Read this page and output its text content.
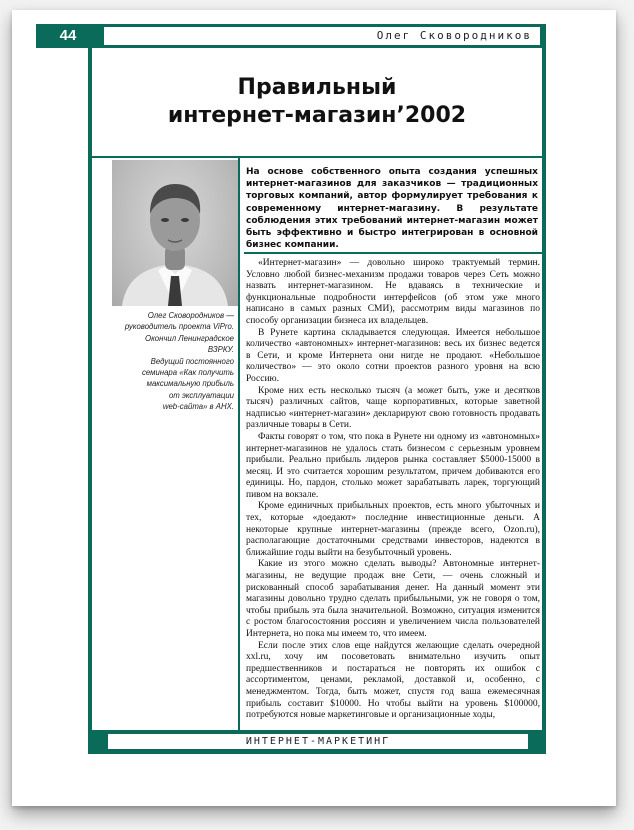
44	Олег Сковородников
Правильный
интернет-магазин’2002
Олег Сковородников —
руководитель проекта ViPro.
Окончил Ленинградское
ВЗРКУ.
Ведущий постоянного
семинара «Как получить
максимальную прибыль
от эксплуатации
web-сайта» в АНХ.
На основе собственного опыта создания успешных интернет-магазинов для заказчиков — традиционных торговых компаний, автор формулирует требования к современному интернет-магазину. В результате соблюдения этих требований интернет-магазин может быть эффективно и быстро интегрирован в основной бизнес компании.

«Интернет-магазин» — довольно широко трактуемый термин. Условно любой бизнес-механизм продажи товаров через Сеть можно назвать интернет-магазином. Не вдаваясь в технические и функциональные подробности интерфейсов (об этом уже много написано в самых разных СМИ), рассмотрим виды магазинов по способу организации бизнеса их владельцев.

В Рунете картина складывается следующая. Имеется небольшое количество «автономных» интернет-магазинов: весь их бизнес ведется в Сети, и кроме Интернета они нигде не продают. «Небольшое количество» — это около сотни проектов разного уровня на всю Россию.

Кроме них есть несколько тысяч (а может быть, уже и десятков тысяч) различных сайтов, чаще корпоративных, которые заветной надписью «интернет-магазин» декларируют свою готовность продавать различные товары в Сети.

Факты говорят о том, что пока в Рунете ни одному из «автономных» интернет-магазинов не удалось стать бизнесом с серьезным уровнем прибыли. Реально прибыль лидеров рынка составляет $5000-15000 в месяц. И это считается хорошим результатом, причем добиваются его единицы. Но, пардон, столько может зарабатывать ларек, торгующий пивом на вокзале.

Кроме единичных прибыльных проектов, есть много убыточных и тех, которые «доедают» последние инвестиционные деньги. А некоторые крупные интернет-магазины (прежде всего, Ozon.ru), располагающие достаточными средствами инвесторов, надеются в ближайшие годы выйти на безубыточный уровень.

Какие из этого можно сделать выводы? Автономные интернет-магазины, не ведущие продаж вне Сети, — очень сложный и рискованный способ зарабатывания денег. На данный момент эти магазины довольно трудно сделать прибыльными, уж не говоря о том, чтобы прибыль эта была значительной. Возможно, ситуация изменится с ростом благосостояния россиян и увеличением числа пользователей Интернета, но пока мы имеем то, что имеем.

Если после этих слов еще найдутся желающие сделать очередной xxl.ru, хочу им посоветовать внимательно изучить опыт предшественников и постараться не повторять их ошибок с ассортиментом, ценами, рекламой, доставкой и, особенно, с менеджментом. Тогда, быть может, спустя год ваша ежемесячная прибыль составит $10000. Но чтобы выйти на уровень $100000, потребуются новые маркетинговые и организационные ходы,

ИНТЕРНЕТ-МАРКЕТИНГ
